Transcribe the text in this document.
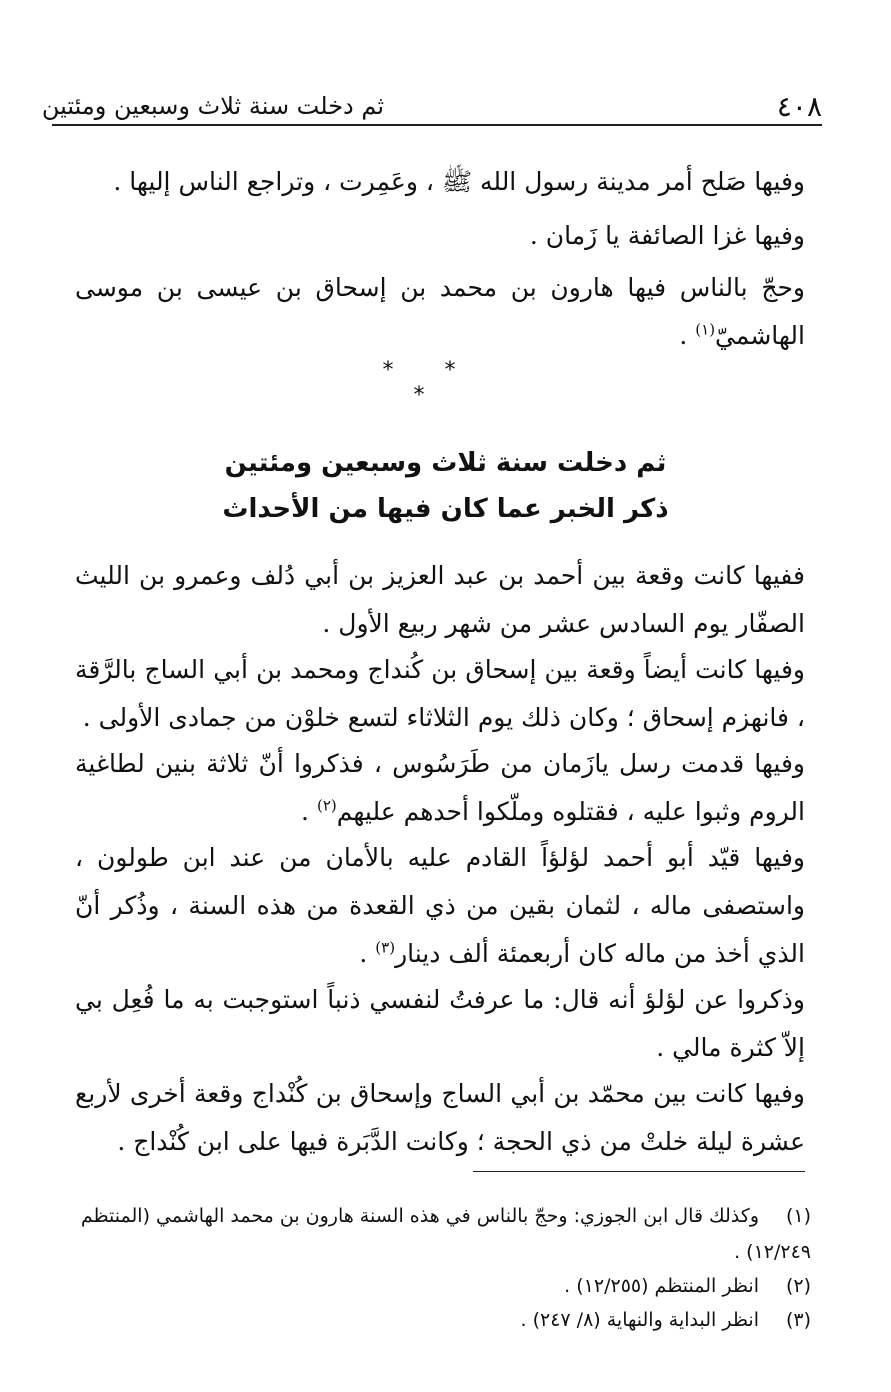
٤٠٨
ثم دخلت سنة ثلاث وسبعين ومئتين

وفيها صَلح أمر مدينة رسول الله ﷺ ، وعَمِرت ، وتراجع الناس إليها .

وفيها غزا الصائفة يا زَمان .

وحجّ بالناس فيها هارون بن محمد بن إسحاق بن عيسى بن موسى الهاشميّ$^{(١)}$ .

* * *
ثم دخلت سنة ثلاث وسبعين ومئتين
ذكر الخبر عما كان فيها من الأحداث

ففيها كانت وقعة بين أحمد بن عبد العزيز بن أبي دُلف وعمرو بن الليث الصفّار يوم السادس عشر من شهر ربيع الأول .

وفيها كانت أيضاً وقعة بين إسحاق بن كُنداج ومحمد بن أبي الساج بالرَّقة ، فانهزم إسحاق ؛ وكان ذلك يوم الثلاثاء لتسع خلوْن من جمادى الأولى .

وفيها قدمت رسل يازَمان من طَرَسُوس ، فذكروا أنّ ثلاثة بنين لطاغية الروم وثبوا عليه ، فقتلوه وملّكوا أحدهم عليهم$^{(٢)}$ .

وفيها قيّد أبو أحمد لؤلؤاً القادم عليه بالأمان من عند ابن طولون ، واستصفى ماله ، لثمان بقين من ذي القعدة من هذه السنة ، وذُكر أنّ الذي أخذ من ماله كان أربعمئة ألف دينار$^{(٣)}$ .

وذكروا عن لؤلؤ أنه قال: ما عرفتُ لنفسي ذنباً استوجبت به ما فُعِل بي إلاّ كثرة مالي .

وفيها كانت بين محمّد بن أبي الساج وإسحاق بن كُنْداج وقعة أخرى لأربع عشرة ليلة خلتْ من ذي الحجة ؛ وكانت الدَّبَرة فيها على ابن كُنْداج .

(١)وكذلك قال ابن الجوزي: وحجّ بالناس في هذه السنة هارون بن محمد الهاشمي (المنتظم ١٢/٢٤٩) .
(٢)انظر المنتظم (١٢/٢٥٥) .
(٣)انظر البداية والنهاية (٨/ ٢٤٧) .
